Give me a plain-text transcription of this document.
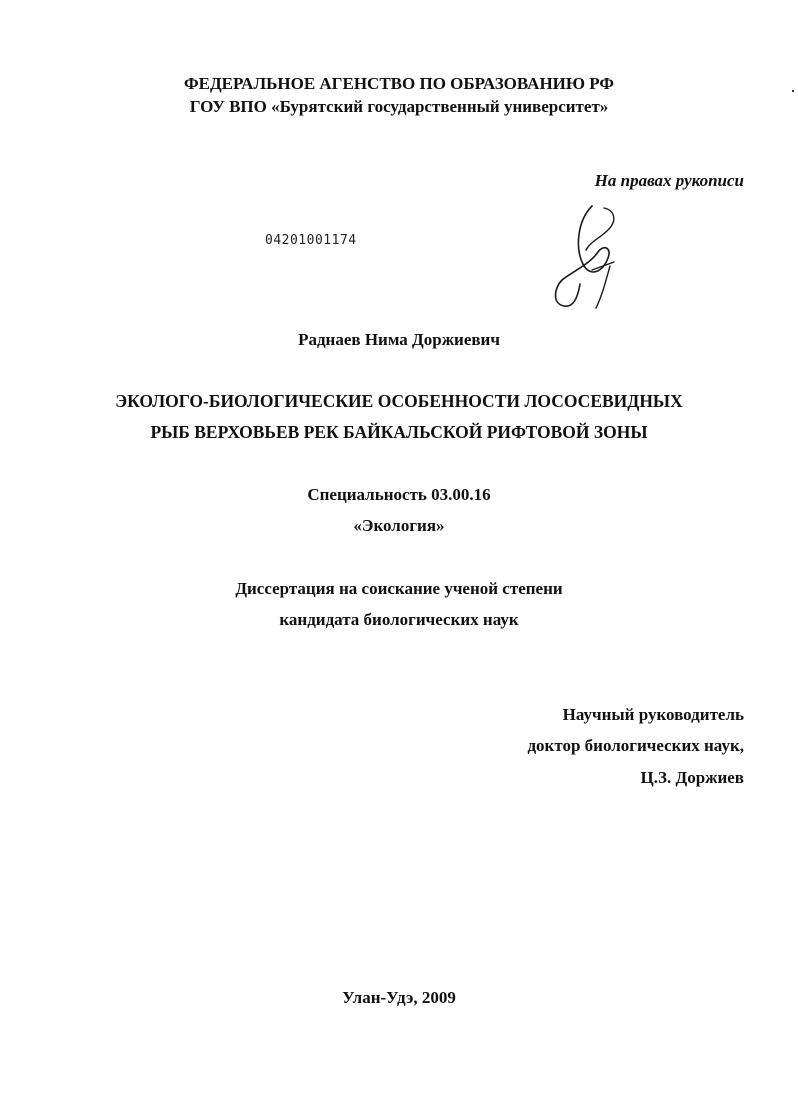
ФЕДЕРАЛЬНОЕ АГЕНСТВО ПО ОБРАЗОВАНИЮ РФ
ГОУ ВПО «Бурятский государственный университет»
На правах рукописи
04201001174
Раднаев Нима Доржиевич
ЭКОЛОГО-БИОЛОГИЧЕСКИЕ ОСОБЕННОСТИ ЛОСОСЕВИДНЫХ
РЫБ ВЕРХОВЬЕВ РЕК БАЙКАЛЬСКОЙ РИФТОВОЙ ЗОНЫ
Специальность 03.00.16
«Экология»
Диссертация на соискание ученой степени
кандидата биологических наук
Научный руководитель
доктор биологических наук,
Ц.З. Доржиев
Улан-Удэ, 2009
